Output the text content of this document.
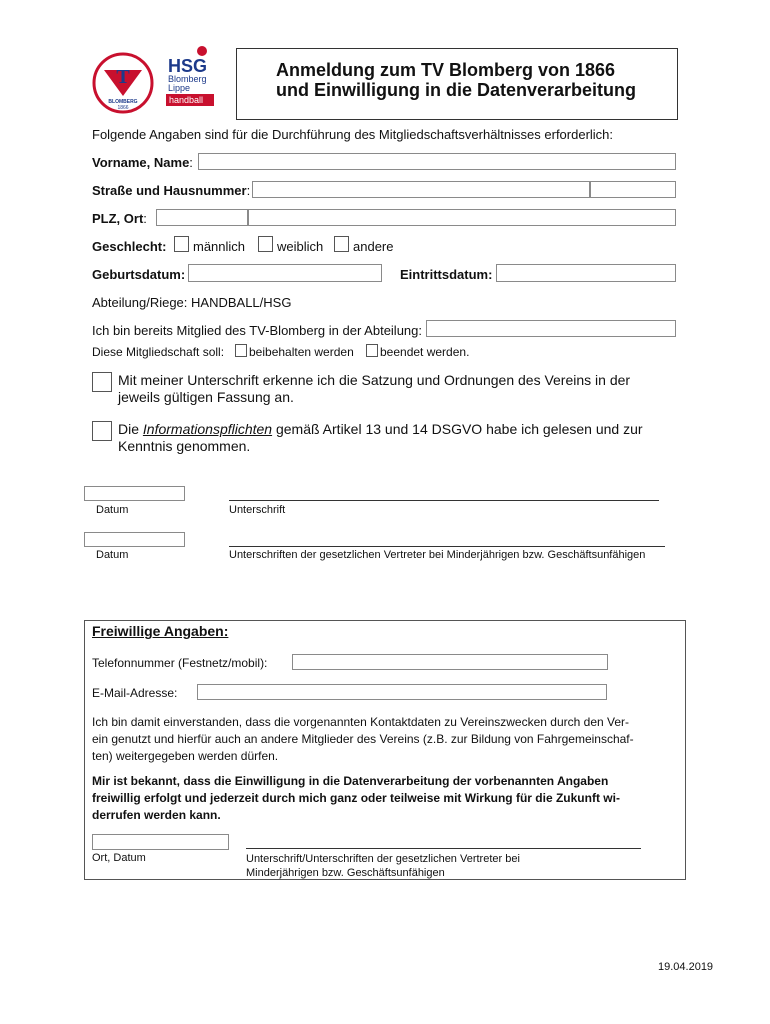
T
BLOMBERG
1866
HSG
Blomberg
Lippe
handball
Anmeldung zum TV Blomberg von 1866
und Einwilligung in die Datenverarbeitung
Folgende Angaben sind für die Durchführung des Mitgliedschaftsverhältnisses erforderlich:
Vorname, Name:
Straße und Hausnummer:
PLZ, Ort:
Geschlecht: männlich weiblich andere
Geburtsdatum:	Eintrittsdatum:
Abteilung/Riege: HANDBALL/HSG
Ich bin bereits Mitglied des TV-Blomberg in der Abteilung:
Diese Mitgliedschaft soll: beibehalten werden beendet werden.
Mit meiner Unterschrift erkenne ich die Satzung und Ordnungen des Vereins in der
jeweils gültigen Fassung an.
Die Informationspflichten gemäß Artikel 13 und 14 DSGVO habe ich gelesen und zur
Kenntnis genommen.
Datum	Unterschrift
Datum	Unterschriften der gesetzlichen Vertreter bei Minderjährigen bzw. Geschäftsunfähigen
Freiwillige Angaben:
Telefonnummer (Festnetz/mobil):
E-Mail-Adresse:
Ich bin damit einverstanden, dass die vorgenannten Kontaktdaten zu Vereinszwecken durch den Ver-
ein genutzt und hierfür auch an andere Mitglieder des Vereins (z.B. zur Bildung von Fahrgemeinschaf-
ten) weitergegeben werden dürfen.
Mir ist bekannt, dass die Einwilligung in die Datenverarbeitung der vorbenannten Angaben
freiwillig erfolgt und jederzeit durch mich ganz oder teilweise mit Wirkung für die Zukunft wi-
derrufen werden kann.
Ort, Datum	Unterschrift/Unterschriften der gesetzlichen Vertreter bei
Minderjährigen bzw. Geschäftsunfähigen
19.04.2019
